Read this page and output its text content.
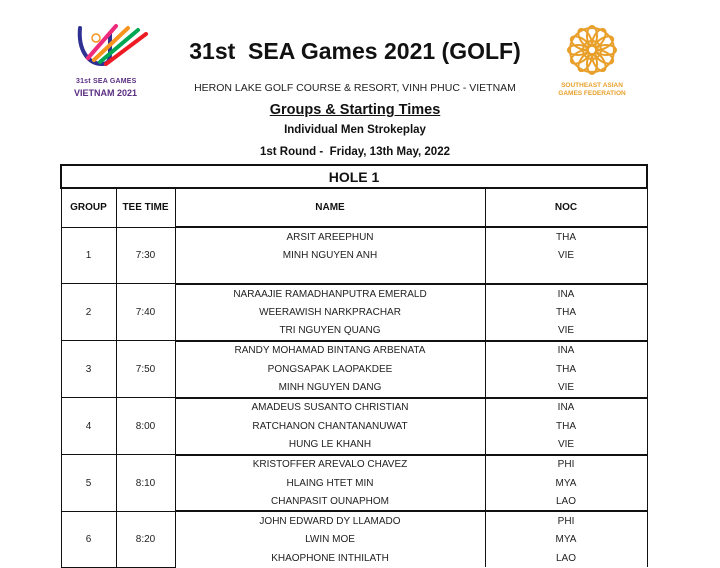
31st SEA GAMES
VIETNAM 2021
SOUTHEAST ASIAN
GAMES FEDERATION
31st  SEA Games 2021 (GOLF)
HERON LAKE GOLF COURSE & RESORT, VINH PHUC - VIETNAM
Groups & Starting Times
Individual Men Strokeplay
1st Round -  Friday, 13th May, 2022
HOLE 1			
GROUP	TEE TIME	NAME	NOC
1	7:30	ARSIT AREEPHUN	THA
		MINH NGUYEN ANH	VIE

2	7:40	NARAAJIE RAMADHANPUTRA EMERALD	INA
		WEERAWISH NARKPRACHAR	THA
		TRI NGUYEN QUANG	VIE
3	7:50	RANDY MOHAMAD BINTANG ARBENATA	INA
		PONGSAPAK LAOPAKDEE	THA
		MINH NGUYEN DANG	VIE
4	8:00	AMADEUS SUSANTO CHRISTIAN	INA
		RATCHANON CHANTANANUWAT	THA
		HUNG LE KHANH	VIE
5	8:10	KRISTOFFER AREVALO CHAVEZ	PHI
		HLAING HTET MIN	MYA
		CHANPASIT OUNAPHOM	LAO
6	8:20	JOHN EDWARD DY LLAMADO	PHI
		LWIN MOE	MYA
		KHAOPHONE INTHILATH	LAO
